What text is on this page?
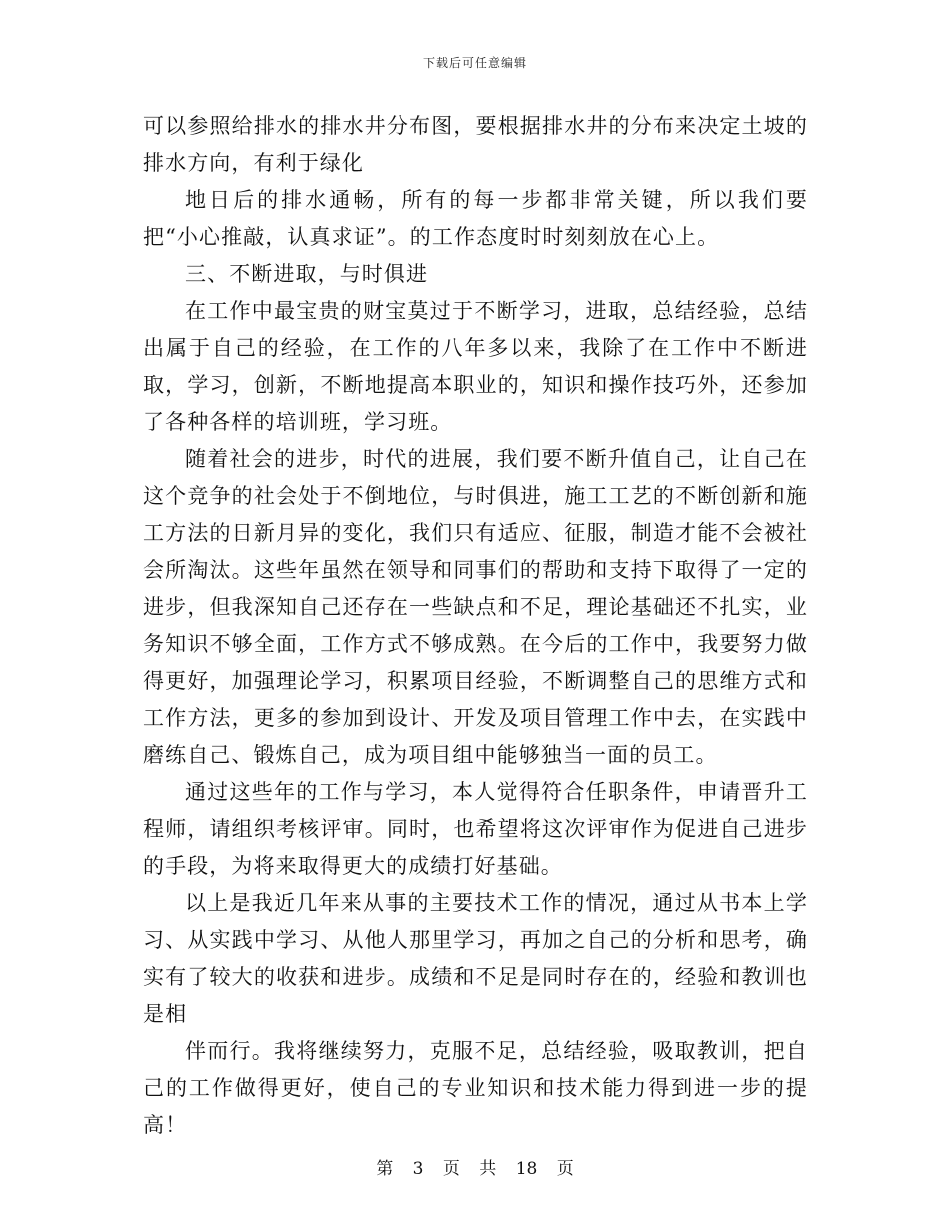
下载后可任意编辑

可以参照给排水的排水井分布图，要根据排水井的分布来决定土坡的排水方向，有利于绿化

地日后的排水通畅，所有的每一步都非常关键，所以我们要把“小心推敲，认真求证”。的工作态度时时刻刻放在心上。

三、不断进取，与时俱进

在工作中最宝贵的财宝莫过于不断学习，进取，总结经验，总结出属于自己的经验，在工作的八年多以来，我除了在工作中不断进取，学习，创新，不断地提高本职业的，知识和操作技巧外，还参加了各种各样的培训班，学习班。

随着社会的进步，时代的进展，我们要不断升值自己，让自己在这个竞争的社会处于不倒地位，与时俱进，施工工艺的不断创新和施工方法的日新月异的变化，我们只有适应、征服，制造才能不会被社会所淘汰。这些年虽然在领导和同事们的帮助和支持下取得了一定的进步，但我深知自己还存在一些缺点和不足，理论基础还不扎实，业务知识不够全面，工作方式不够成熟。在今后的工作中，我要努力做得更好，加强理论学习，积累项目经验，不断调整自己的思维方式和工作方法，更多的参加到设计、开发及项目管理工作中去，在实践中磨练自己、锻炼自己，成为项目组中能够独当一面的员工。

通过这些年的工作与学习，本人觉得符合任职条件，申请晋升工程师，请组织考核评审。同时，也希望将这次评审作为促进自己进步的手段，为将来取得更大的成绩打好基础。

以上是我近几年来从事的主要技术工作的情况，通过从书本上学习、从实践中学习、从他人那里学习，再加之自己的分析和思考，确实有了较大的收获和进步。成绩和不足是同时存在的，经验和教训也是相

伴而行。我将继续努力，克服不足，总结经验，吸取教训，把自己的工作做得更好，使自己的专业知识和技术能力得到进一步的提高！

第 3 页 共 18 页
